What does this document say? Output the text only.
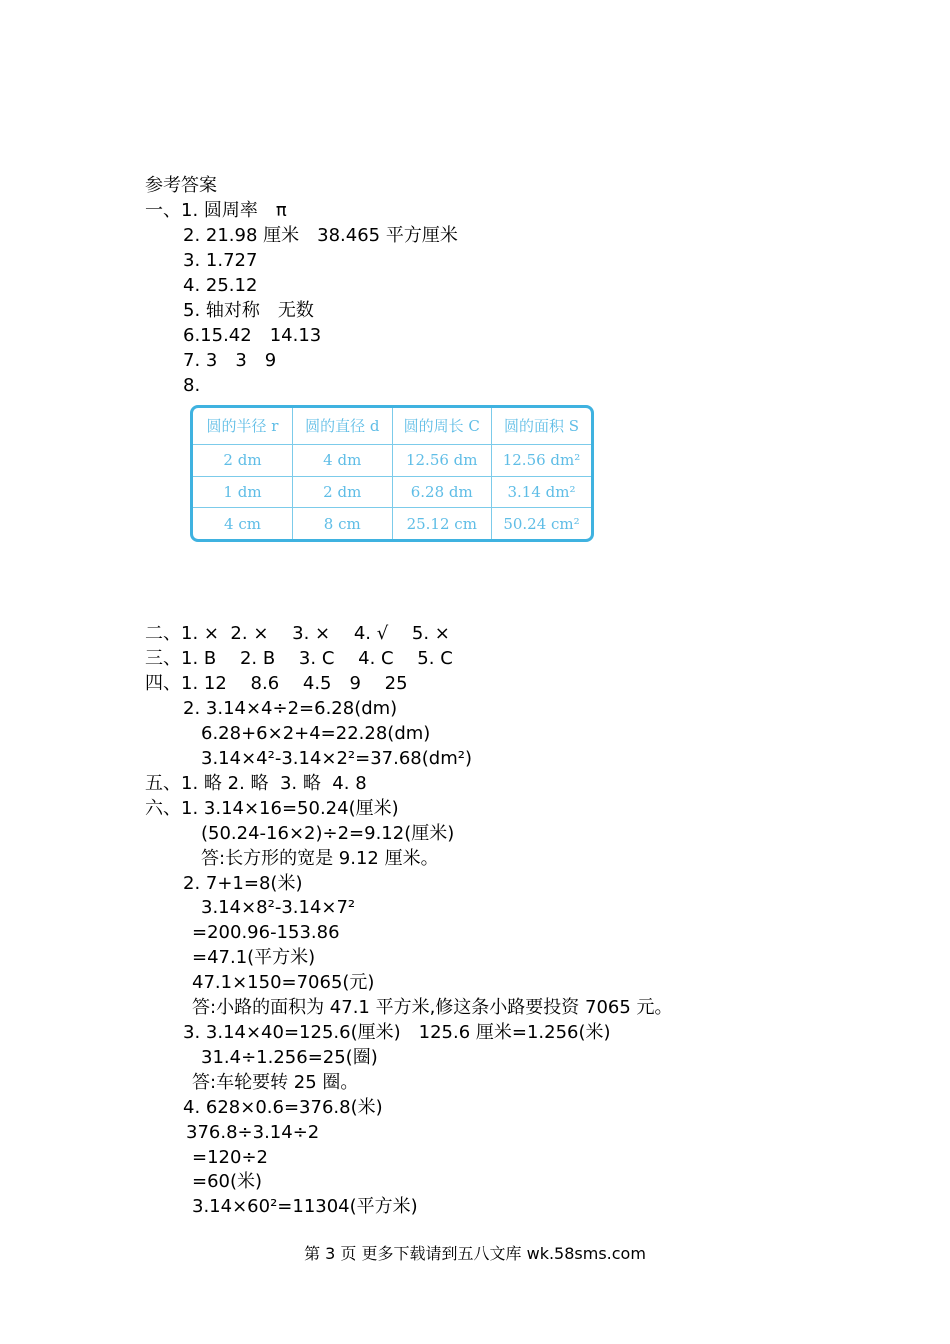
参考答案
一、1. 圆周率　π
2. 21.98 厘米　38.465 平方厘米
3. 1.727
4. 25.12
5. 轴对称　无数
6.15.42　14.13
7. 3　3　9
8.
圆的半径 r	圆的直径 d	圆的周长 C	圆的面积 S
2 dm	4 dm	12.56 dm	12.56 dm²
1 dm	2 dm	6.28 dm	3.14 dm²
4 cm	8 cm	25.12 cm	50.24 cm²
二、1. ×  2. ×　 3. ×　 4. √　 5. ×
三、1. B　 2. B　 3. C　 4. C　 5. C
四、1. 12　 8.6　 4.5　9　 25
2. 3.14×4÷2=6.28(dm)
6.28+6×2+4=22.28(dm)
3.14×4²-3.14×2²=37.68(dm²)
五、1. 略 2. 略  3. 略  4. 8
六、1. 3.14×16=50.24(厘米)
(50.24-16×2)÷2=9.12(厘米)
答:长方形的宽是 9.12 厘米。
2. 7+1=8(米)
3.14×8²-3.14×7²
=200.96-153.86
=47.1(平方米)
47.1×150=7065(元)
答:小路的面积为 47.1 平方米,修这条小路要投资 7065 元。
3. 3.14×40=125.6(厘米)　125.6 厘米=1.256(米)
31.4÷1.256=25(圈)
答:车轮要转 25 圈。
4. 628×0.6=376.8(米)
376.8÷3.14÷2
=120÷2
=60(米)
3.14×60²=11304(平方米)
第 3 页 更多下载请到五八文库 wk.58sms.com
